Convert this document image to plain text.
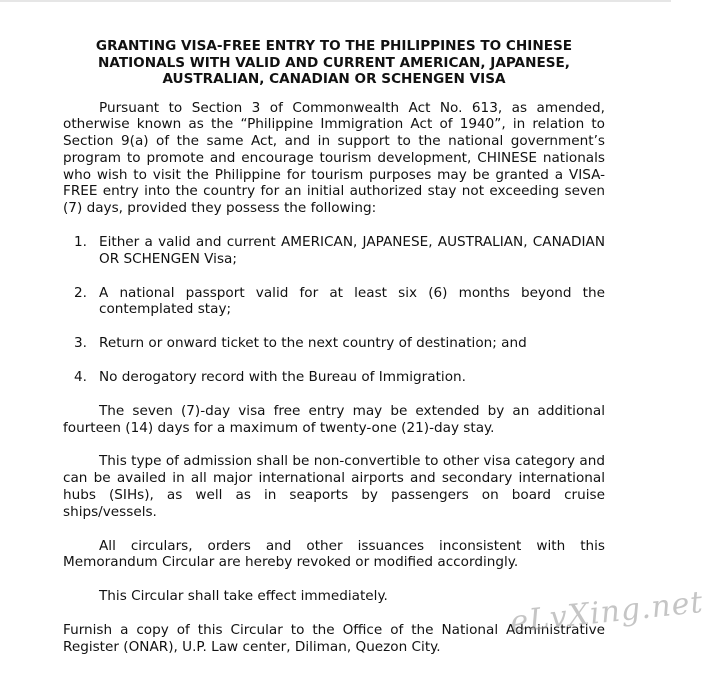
GRANTING VISA-FREE ENTRY TO THE PHILIPPINES TO CHINESE NATIONALS WITH VALID AND CURRENT AMERICAN, JAPANESE, AUSTRALIAN, CANADIAN OR SCHENGEN VISA

Pursuant to Section 3 of Commonwealth Act No. 613, as amended, otherwise known as the “Philippine Immigration Act of 1940”, in relation to Section 9(a) of the same Act, and in support to the national government’s program to promote and encourage tourism development, CHINESE nationals who wish to visit the Philippine for tourism purposes may be granted a VISA-FREE entry into the country for an initial authorized stay not exceeding seven (7) days, provided they possess the following:

1. Either a valid and current AMERICAN, JAPANESE, AUSTRALIAN, CANADIAN OR SCHENGEN Visa;
2. A national passport valid for at least six (6) months beyond the contemplated stay;
3. Return or onward ticket to the next country of destination; and
4. No derogatory record with the Bureau of Immigration.

The seven (7)-day visa free entry may be extended by an additional fourteen (14) days for a maximum of twenty-one (21)-day stay.

This type of admission shall be non-convertible to other visa category and can be availed in all major international airports and secondary international hubs (SIHs), as well as in seaports by passengers on board cruise ships/vessels.

All circulars, orders and other issuances inconsistent with this Memorandum Circular are hereby revoked or modified accordingly.

This Circular shall take effect immediately.

Furnish a copy of this Circular to the Office of the National Administrative Register (ONAR), U.P. Law center, Diliman, Quezon City.

eLvXing.net
